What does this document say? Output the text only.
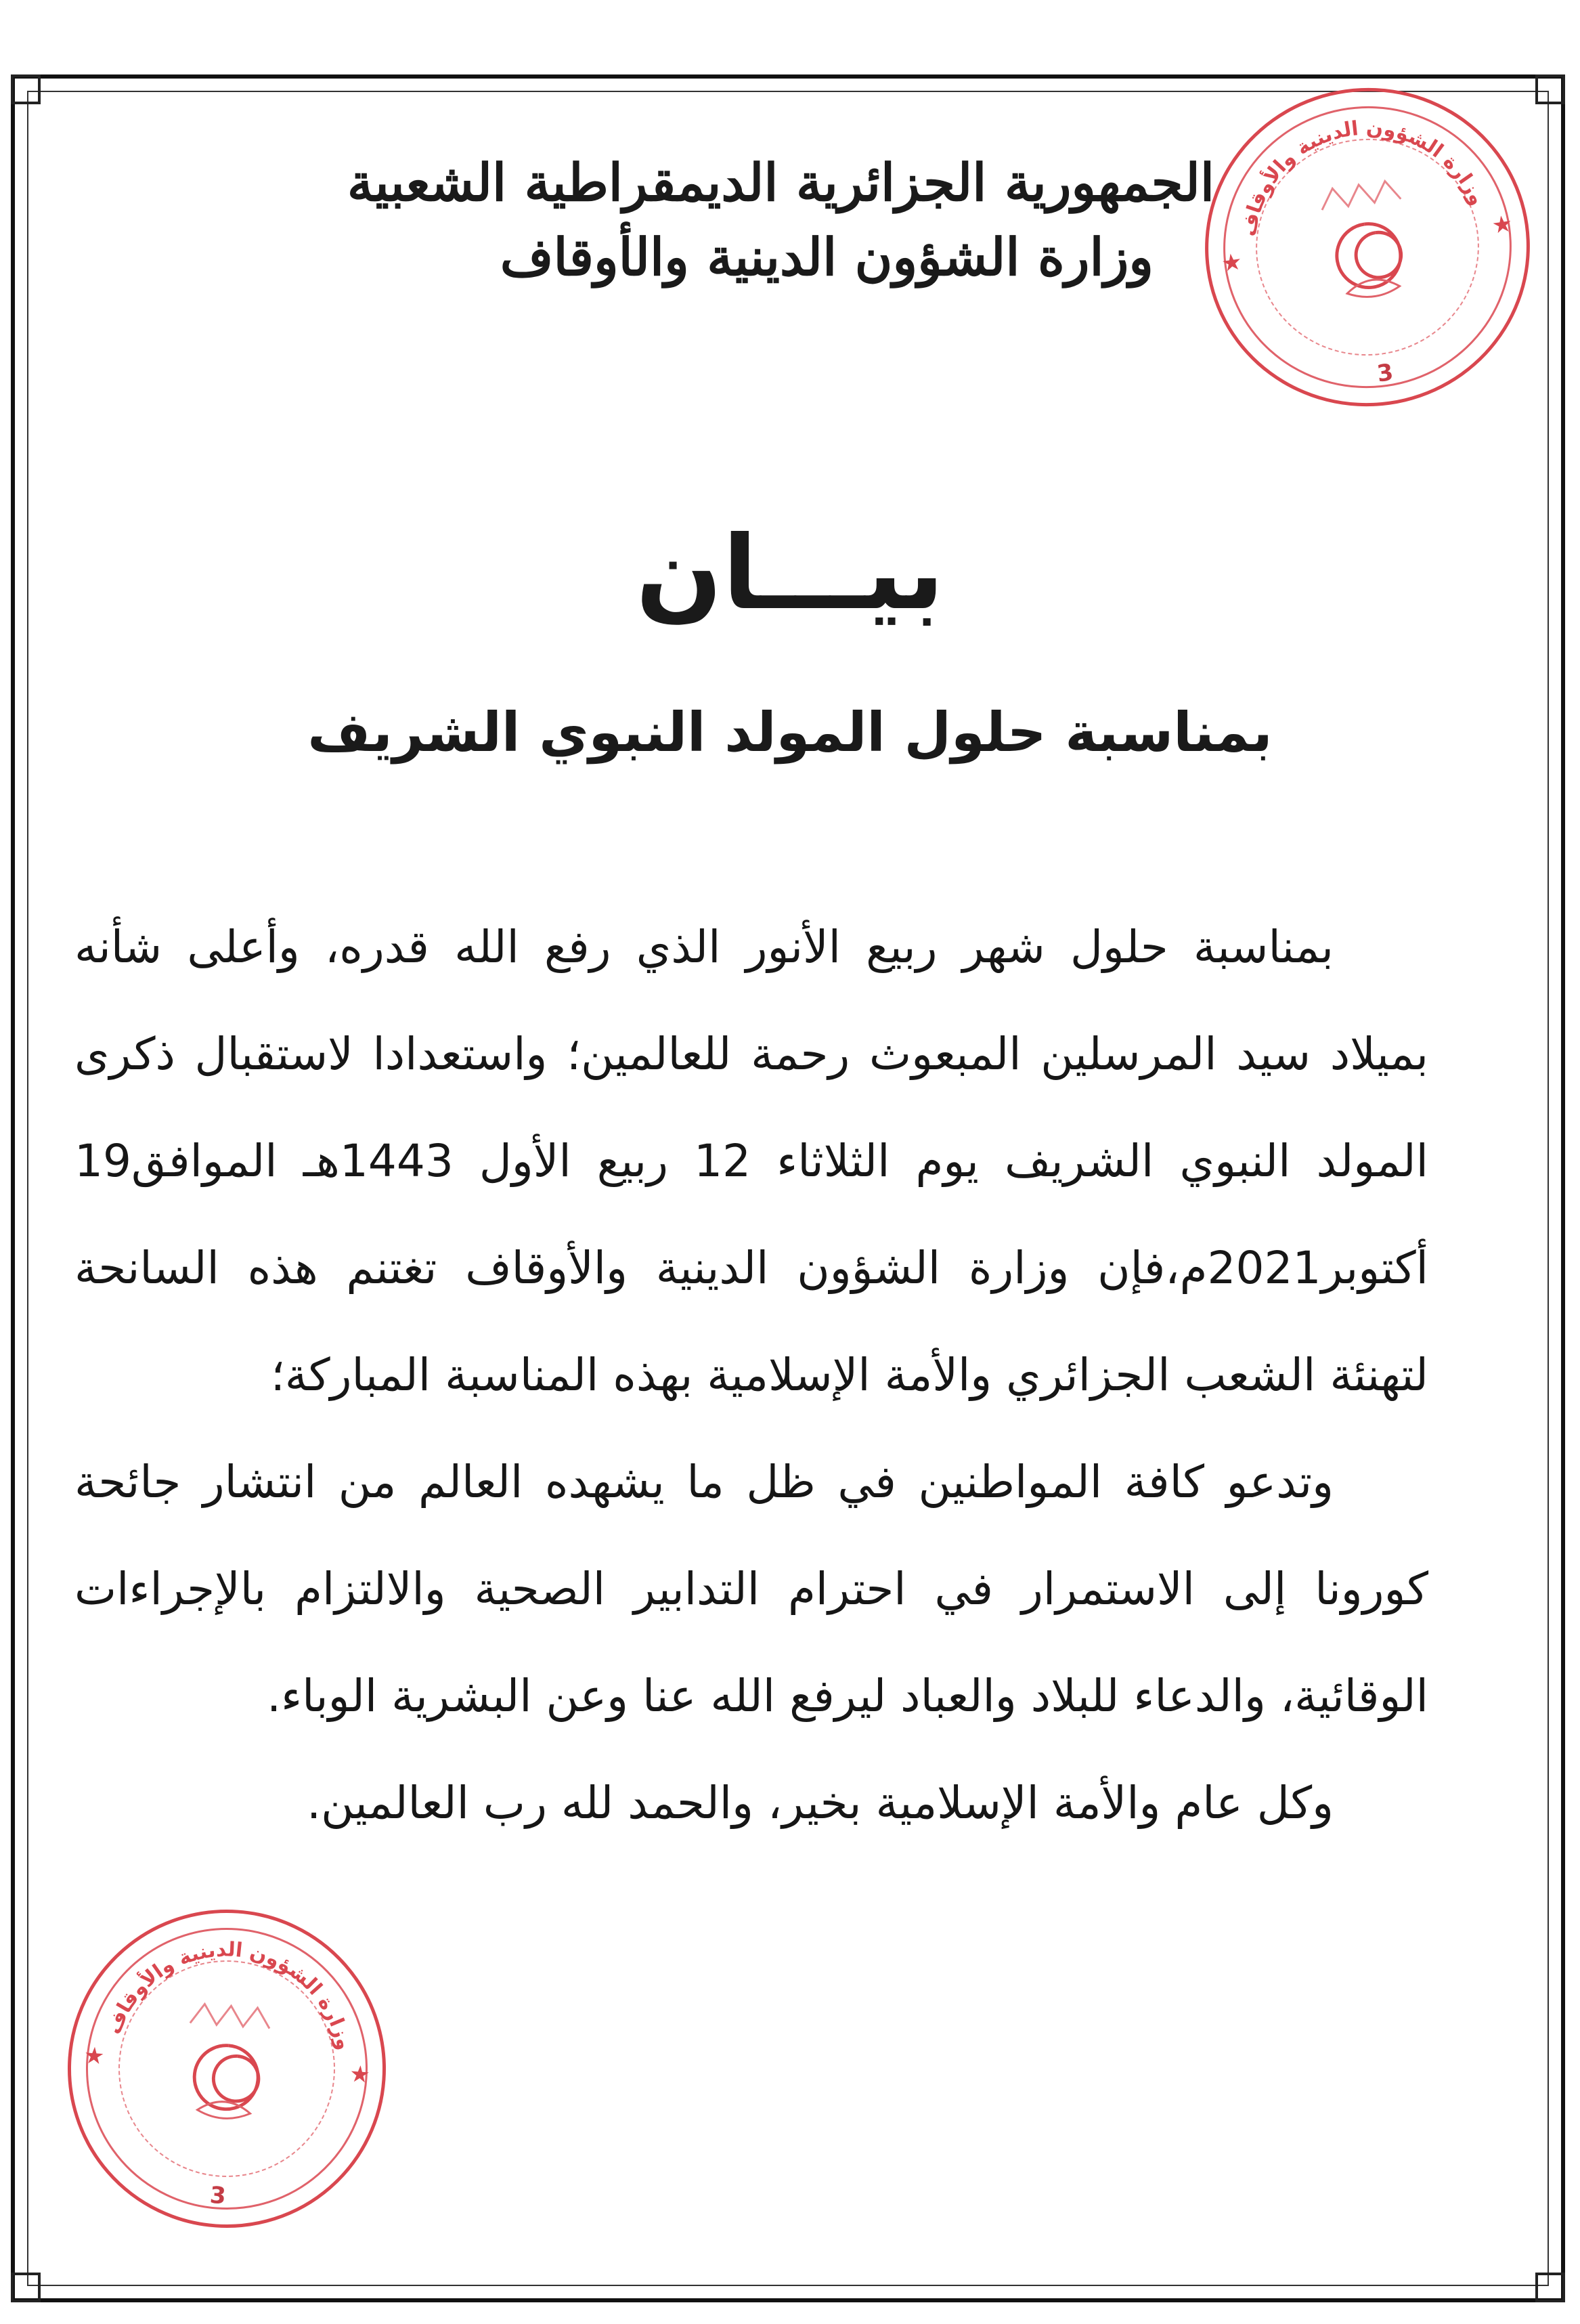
الجمهورية الجزائرية الديمقراطية الشعبية
وزارة الشؤون الدينية والأوقاف
وزارة الشؤون الدينية والأوقاف
★
★
3
بيـــان
بمناسبة حلول المولد النبوي الشريف

بمناسبة حلول شهر ربيع الأنور الذي رفع الله قدره، وأعلى شأنه بميلاد سيد المرسلين المبعوث رحمة للعالمين؛ واستعدادا لاستقبال ذكرى المولد النبوي الشريف يوم الثلاثاء 12 ربيع الأول 1443هـ الموافق19 أكتوبر2021م،فإن وزارة الشؤون الدينية والأوقاف تغتنم هذه السانحة لتهنئة الشعب الجزائري والأمة الإسلامية بهذه المناسبة المباركة؛

وتدعو كافة المواطنين في ظل ما يشهده العالم من انتشار جائحة كورونا إلى الاستمرار في احترام التدابير الصحية والالتزام بالإجراءات الوقائية، والدعاء للبلاد والعباد ليرفع الله عنا وعن البشرية الوباء.

وكل عام والأمة الإسلامية بخير، والحمد لله رب العالمين.

وزارة الشؤون الدينية والأوقاف
★
★
3
